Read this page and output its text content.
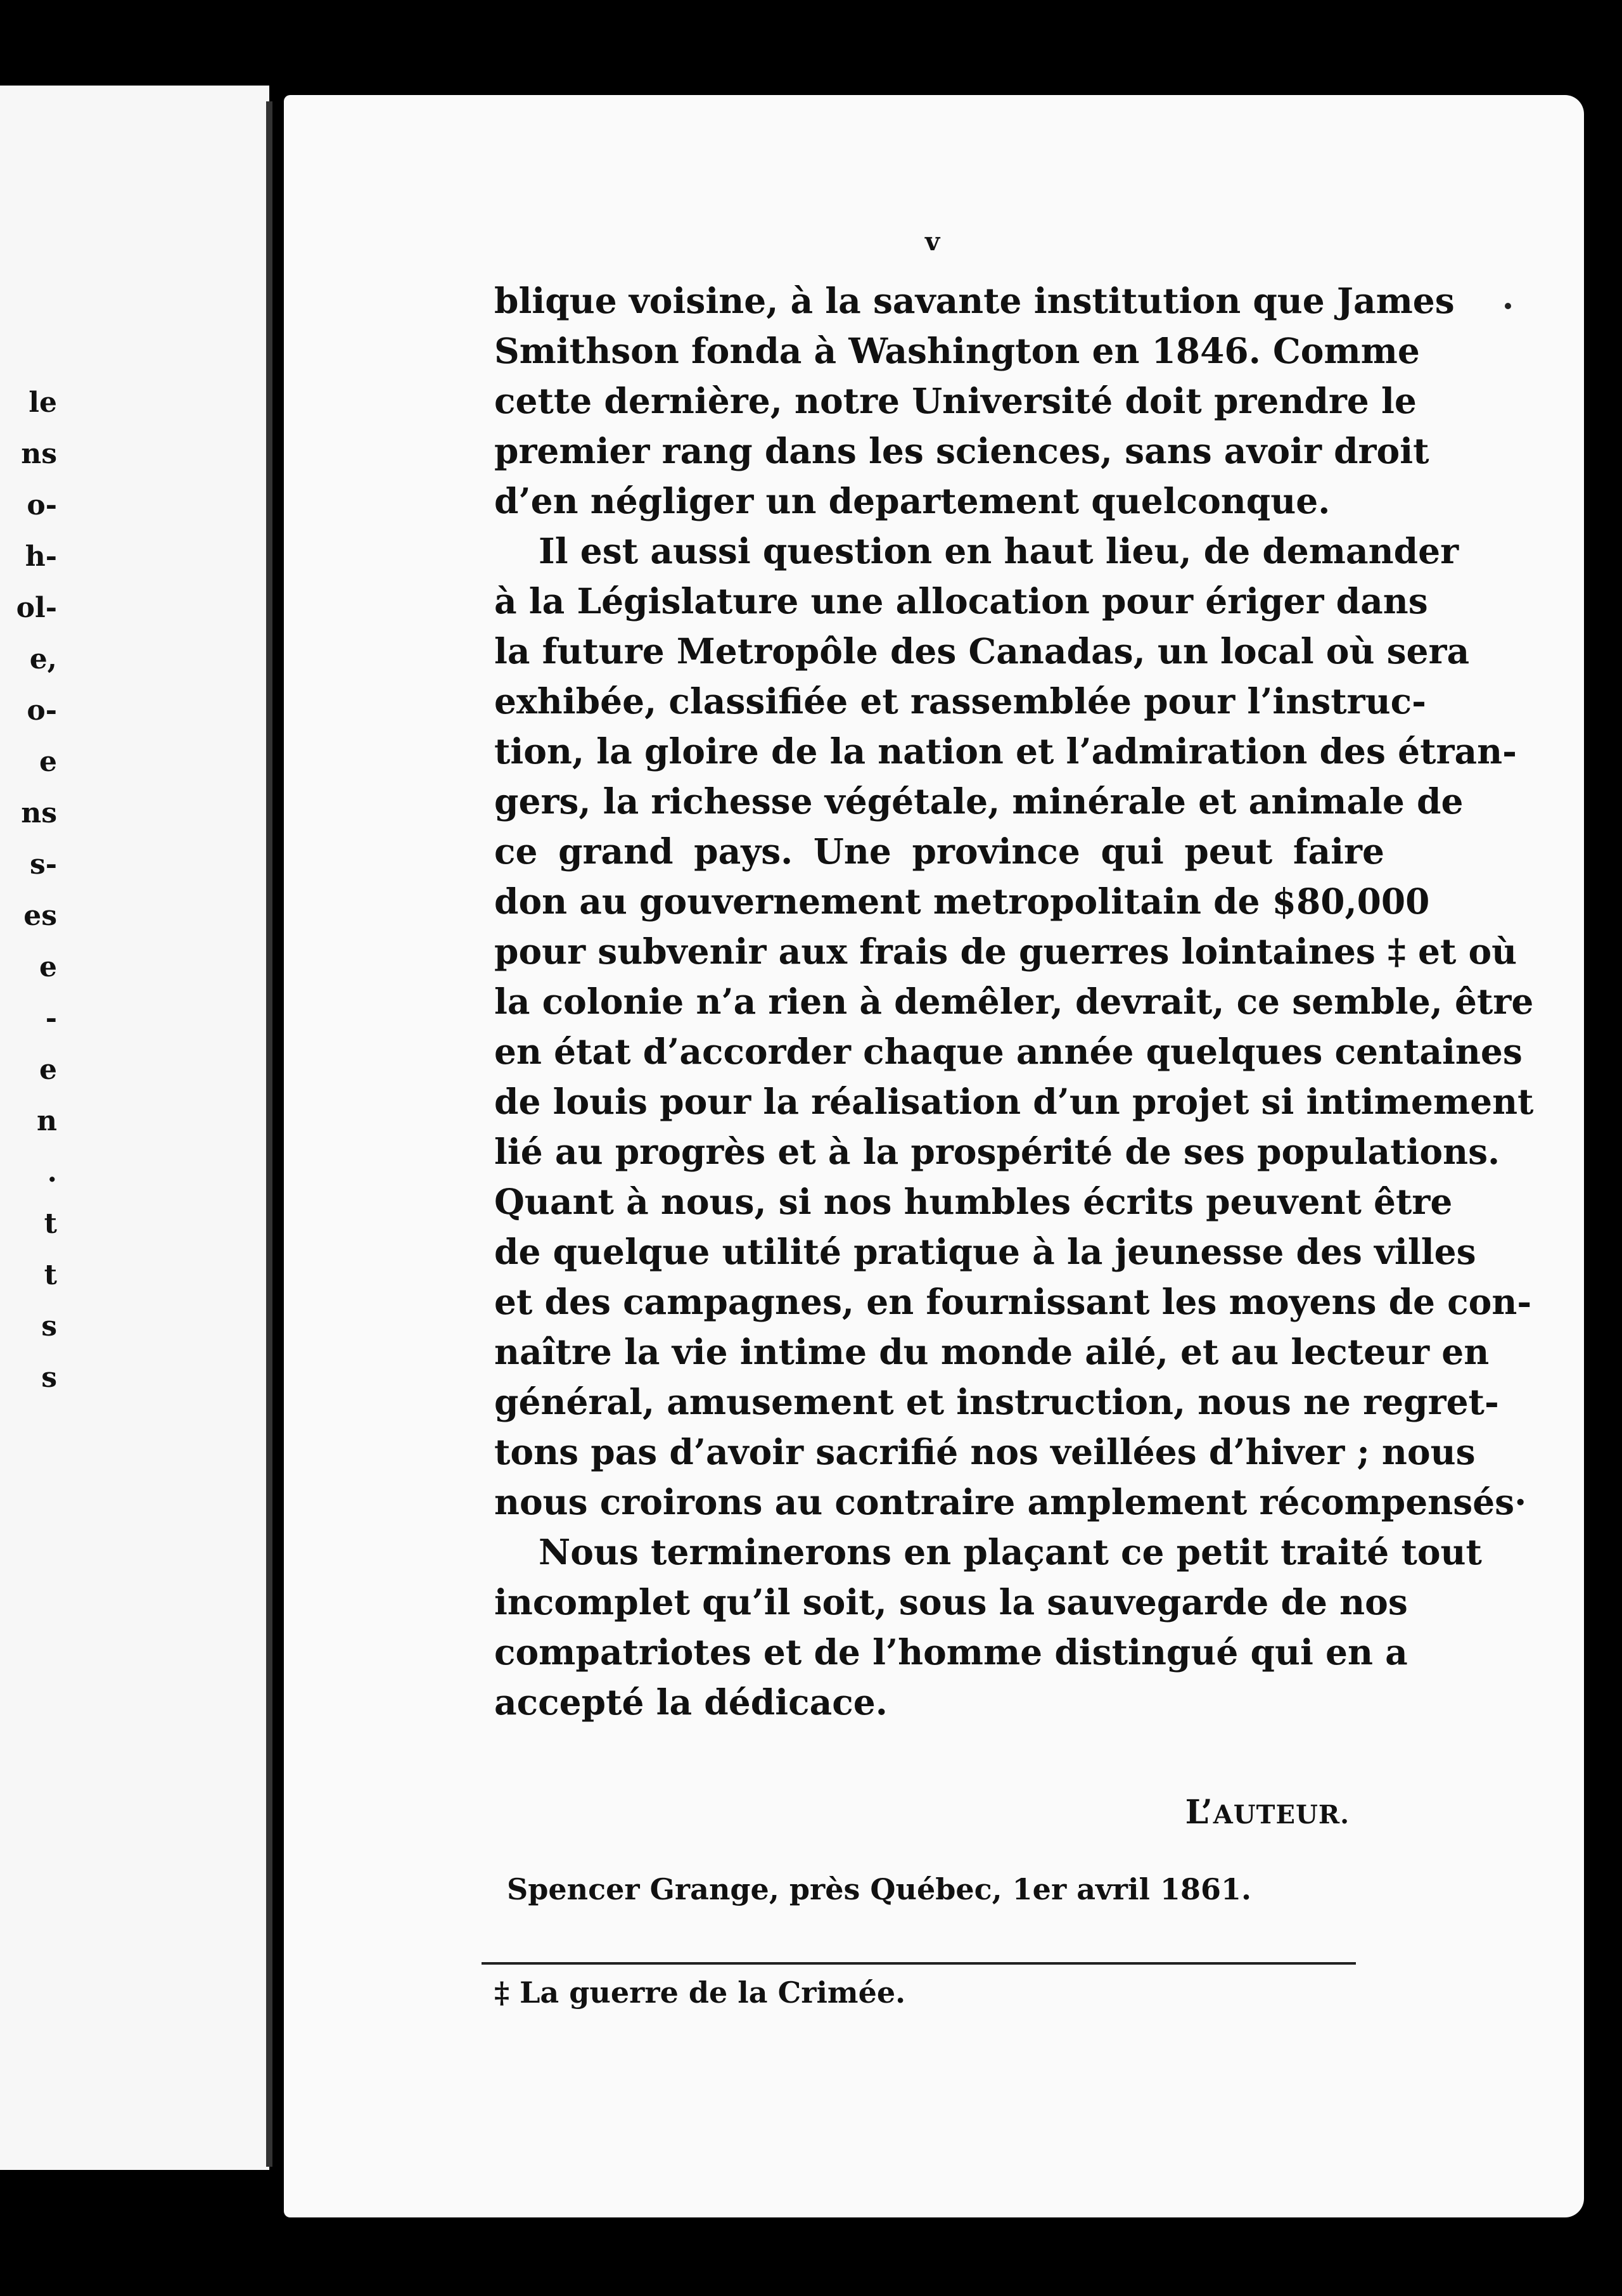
le
ns
o-
h-
ol-
e,
o-
e
ns
s-
es
e
-
e
n
.
t
t
s
s
v
blique voisine, à la savante institution que James
Smithson fonda à Washington en 1846. Comme
cette dernière, notre Université doit prendre le
premier rang dans les sciences, sans avoir droit
d’en négliger un departement quelconque.
Il est aussi question en haut lieu, de demander
à la Législature une allocation pour ériger dans
la future Metropôle des Canadas, un local où sera
exhibée, classifiée et rassemblée pour l’instruc-
tion, la gloire de la nation et l’admiration des étran-
gers, la richesse végétale, minérale et animale de
ce grand pays. Une province qui peut faire
don au gouvernement metropolitain de $80,000
pour subvenir aux frais de guerres lointaines ‡ et où
la colonie n’a rien à demêler, devrait, ce semble, être
en état d’accorder chaque année quelques centaines
de louis pour la réalisation d’un projet si intimement
lié au progrès et à la prospérité de ses populations.
Quant à nous, si nos humbles écrits peuvent être
de quelque utilité pratique à la jeunesse des villes
et des campagnes, en fournissant les moyens de con-
naître la vie intime du monde ailé, et au lecteur en
général, amusement et instruction, nous ne regret-
tons pas d’avoir sacrifié nos veillées d’hiver ; nous
nous croirons au contraire amplement récompensés·
Nous terminerons en plaçant ce petit traité tout
incomplet qu’il soit, sous la sauvegarde de nos
compatriotes et de l’homme distingué qui en a
accepté la dédicace.
L’AUTEUR.
Spencer Grange, près Québec, 1er avril 1861.
‡ La guerre de la Crimée.
